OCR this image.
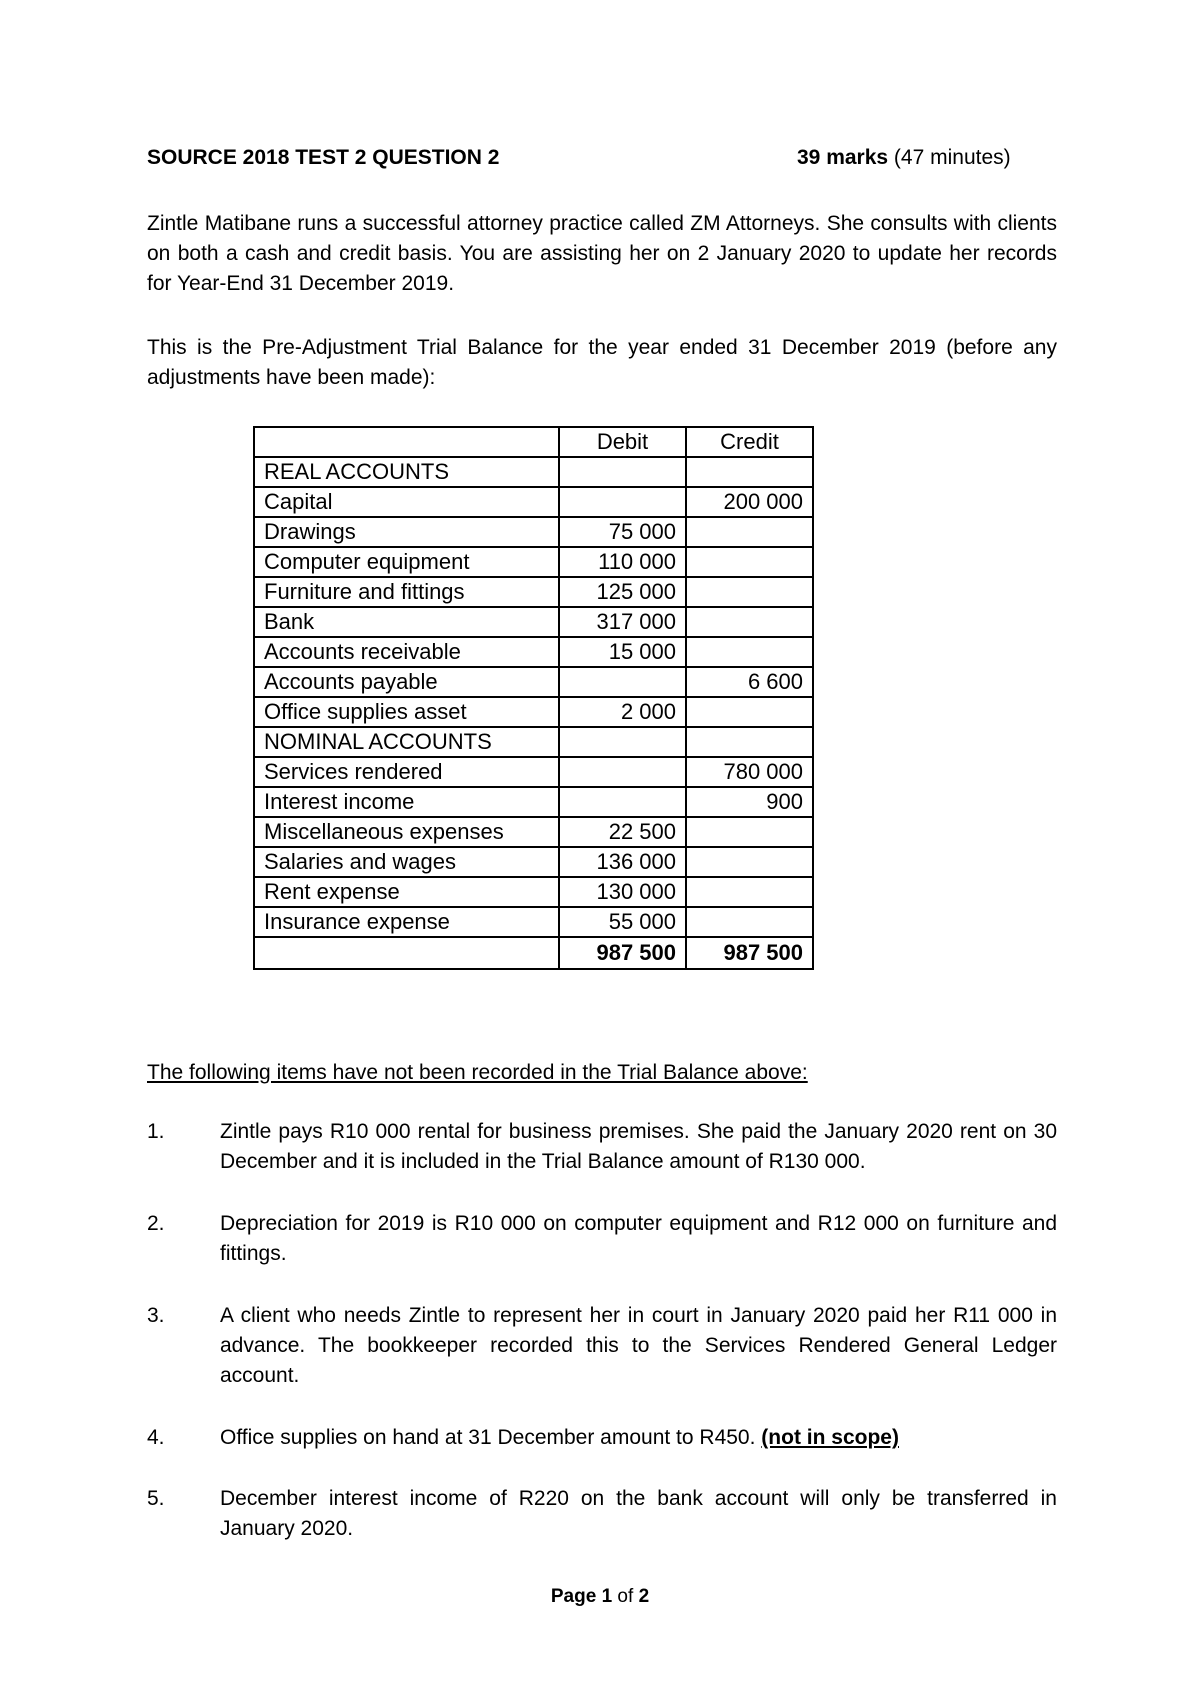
SOURCE 2018 TEST 2 QUESTION 2	39 marks (47 minutes)

Zintle Matibane runs a successful attorney practice called ZM Attorneys. She consults with clients on both a cash and credit basis. You are assisting her on 2 January 2020 to update her records for Year-End 31 December 2019.

This is the Pre-Adjustment Trial Balance for the year ended 31 December 2019 (before any adjustments have been made):

	Debit	Credit
REAL ACCOUNTS		
Capital		200 000
Drawings	75 000	
Computer equipment	110 000	
Furniture and fittings	125 000	
Bank	317 000	
Accounts receivable	15 000	
Accounts payable		6 600
Office supplies asset	2 000	
NOMINAL ACCOUNTS		
Services rendered		780 000
Interest income		900
Miscellaneous expenses	22 500	
Salaries and wages	136 000	
Rent expense	130 000	
Insurance expense	55 000	
	987 500	987 500
The following items have not been recorded in the Trial Balance above:
1.	Zintle pays R10 000 rental for business premises. She paid the January 2020 rent on 30 December and it is included in the Trial Balance amount of R130 000.
2.	Depreciation for 2019 is R10 000 on computer equipment and R12 000 on furniture and fittings.
3.	A client who needs Zintle to represent her in court in January 2020 paid her R11 000 in advance. The bookkeeper recorded this to the Services Rendered General Ledger account.
4.	Office supplies on hand at 31 December amount to R450. (not in scope)
5.	December interest income of R220 on the bank account will only be transferred in January 2020.
Page 1 of 2
